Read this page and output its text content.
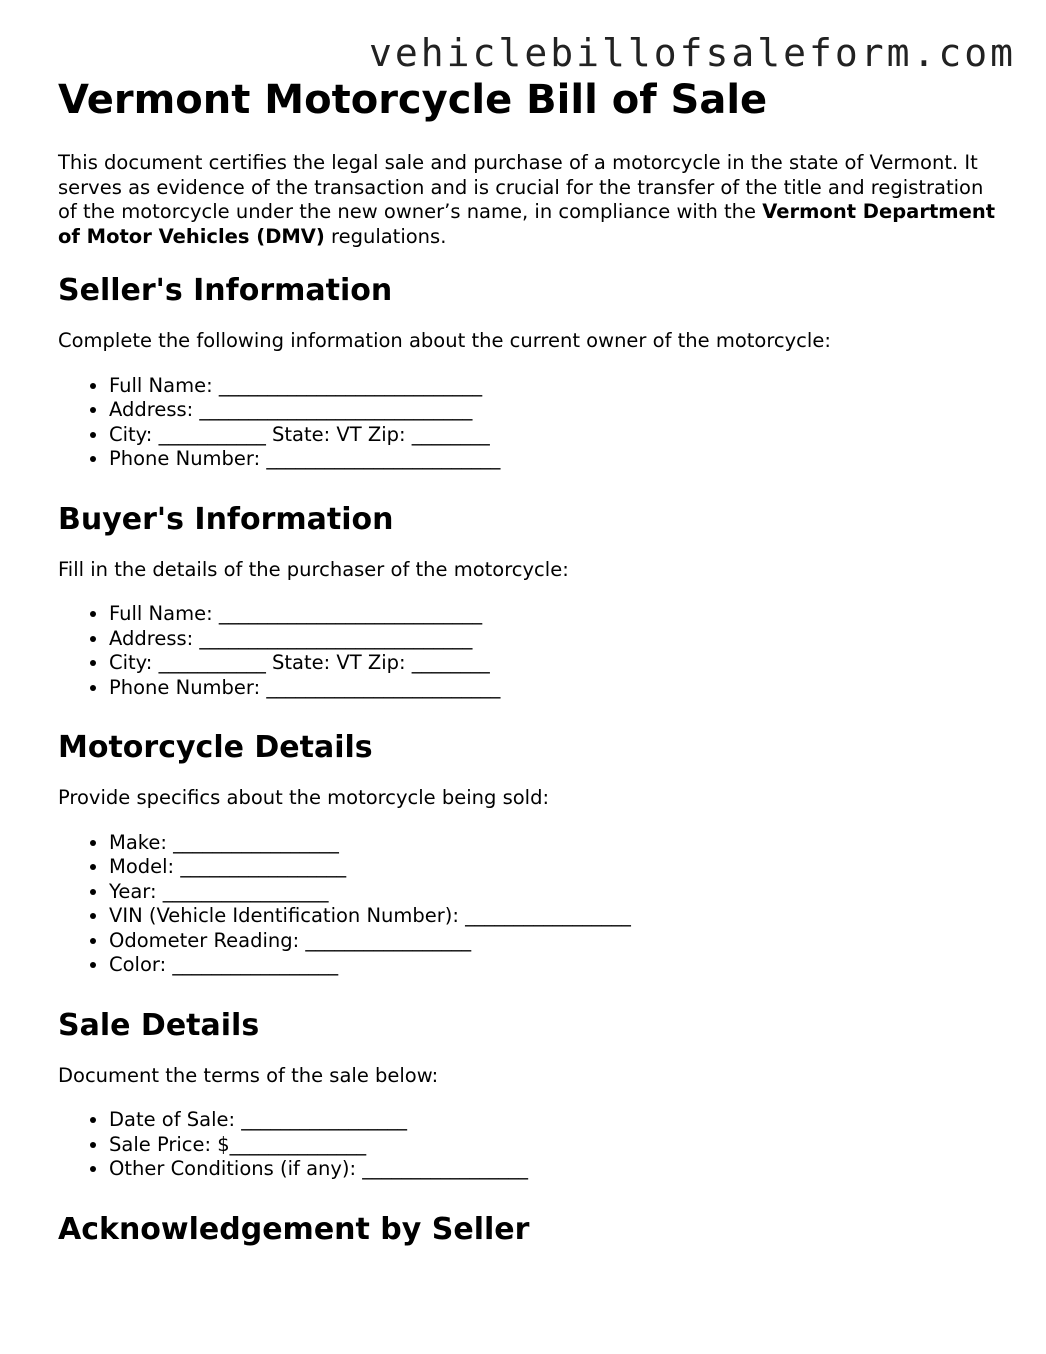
vehiclebillofsaleform.com
Vermont Motorcycle Bill of Sale

This document certifies the legal sale and purchase of a motorcycle in the state of Vermont. It serves as evidence of the transaction and is crucial for the transfer of the title and registration of the motorcycle under the new owner’s name, in compliance with the Vermont Department of Motor Vehicles (DMV) regulations.

Seller's Information

Complete the following information about the current owner of the motorcycle:

• Full Name: ___________________________
• Address: ____________________________
• City: ___________ State: VT Zip: ________
• Phone Number: ________________________
Buyer's Information

Fill in the details of the purchaser of the motorcycle:

• Full Name: ___________________________
• Address: ____________________________
• City: ___________ State: VT Zip: ________
• Phone Number: ________________________
Motorcycle Details

Provide specifics about the motorcycle being sold:

• Make: _________________
• Model: _________________
• Year: _________________
• VIN (Vehicle Identification Number): _________________
• Odometer Reading: _________________
• Color: _________________
Sale Details

Document the terms of the sale below:

• Date of Sale: _________________
• Sale Price: $______________
• Other Conditions (if any): _________________
Acknowledgement by Seller
